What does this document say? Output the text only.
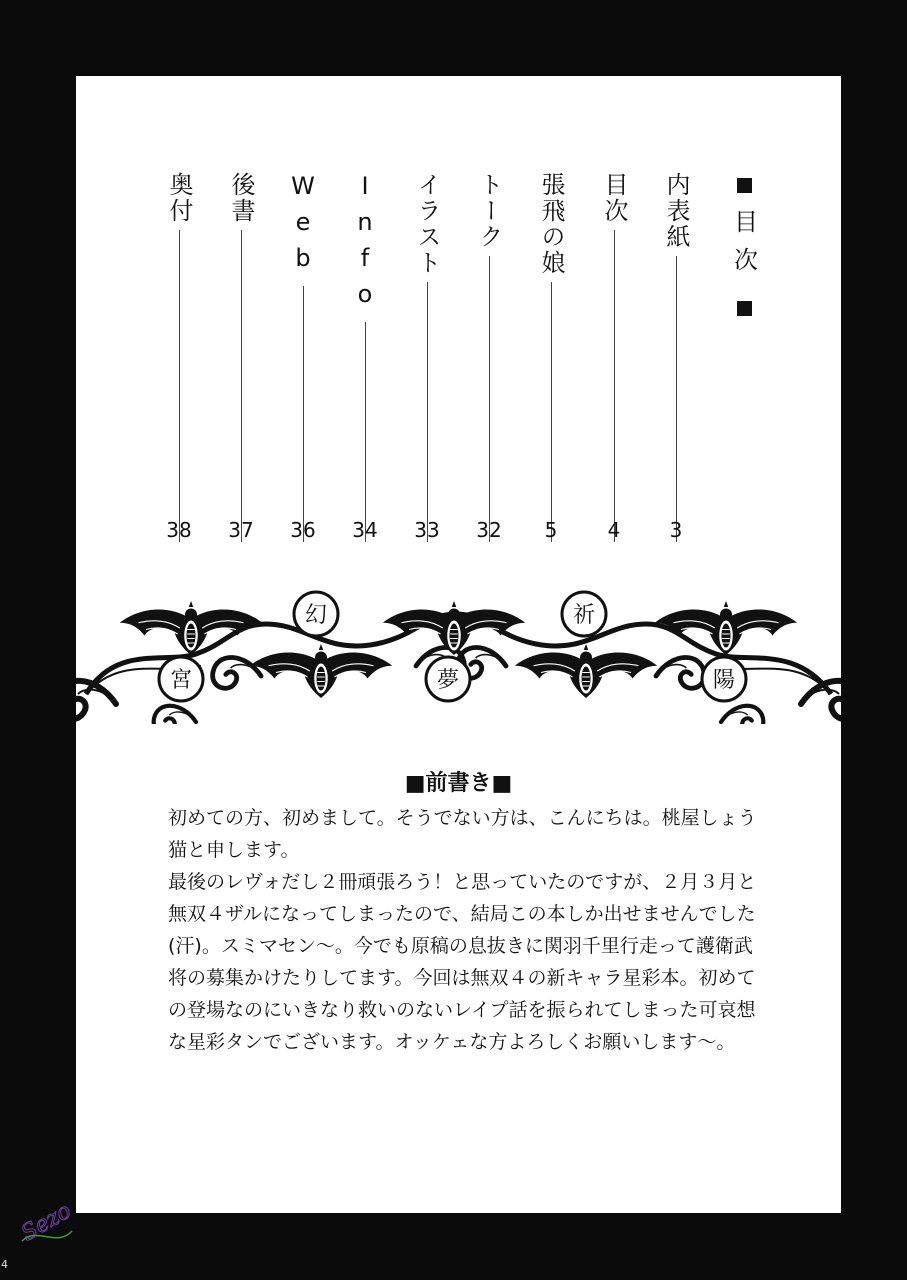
目次
内表紙
3
目次
4
張飛の娘
5
トーク
32
イラスト
33
Info
34
Web
36
後書
37
奥付
38
宮
幻
夢
祈
陽
■前書き■

初めての方、初めまして。そうでない方は、こんにちは。桃屋しょう猫と申します。

最後のレヴォだし２冊頑張ろう！と思っていたのですが、２月３月と無双４ザルになってしまったので、結局この本しか出せませんでした(汗)。スミマセン～。今でも原稿の息抜きに関羽千里行走って護衛武将の募集かけたりしてます。今回は無双４の新キャラ星彩本。初めての登場なのにいきなり救いのないレイプ話を振られてしまった可哀想な星彩タンでございます。オッケェな方よろしくお願いします～。

Sezo
4
